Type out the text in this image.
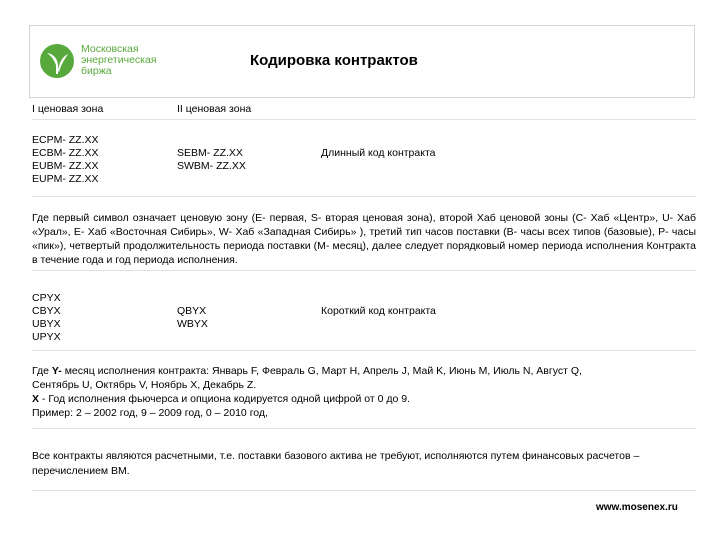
Московская
энергетическая
биржа
Кодировка контрактов
I ценовая зона	II ценовая зона
ECPM- ZZ.XX
ECBM- ZZ.XX
EUBM- ZZ.XX
EUPM- ZZ.XX
SEBM- ZZ.XX
SWBM- ZZ.XX
Длинный код контракта
Где первый символ означает ценовую зону (E- первая, S- вторая ценовая зона), второй Хаб ценовой зоны (C- Хаб «Центр», U- Хаб «Урал», E- Хаб «Восточная Сибирь», W- Хаб «Западная Сибирь» ), третий тип часов поставки (B- часы всех типов (базовые), P- часы «пик»), четвертый продолжительность периода поставки (M- месяц), далее следует порядковый номер периода исполнения Контракта в течение года и год периода исполнения.
CPYX
CBYX
UBYX
UPYX
QBYX
WBYX
Короткий код контракта
Где Y- месяц исполнения контракта: Январь F, Февраль G, Март H, Апрель J, Май K, Июнь M, Июль N, Август Q,
Сентябрь U, Октябрь V, Ноябрь X, Декабрь Z.
X - Год исполнения фьючерса и опциона кодируется одной цифрой от 0 до 9.
Пример: 2 – 2002 год, 9 – 2009 год, 0 – 2010 год,
Все контракты являются расчетными, т.е. поставки базового актива не требуют, исполняются путем финансовых расчетов – перечислением ВМ.
www.mosenex.ru
